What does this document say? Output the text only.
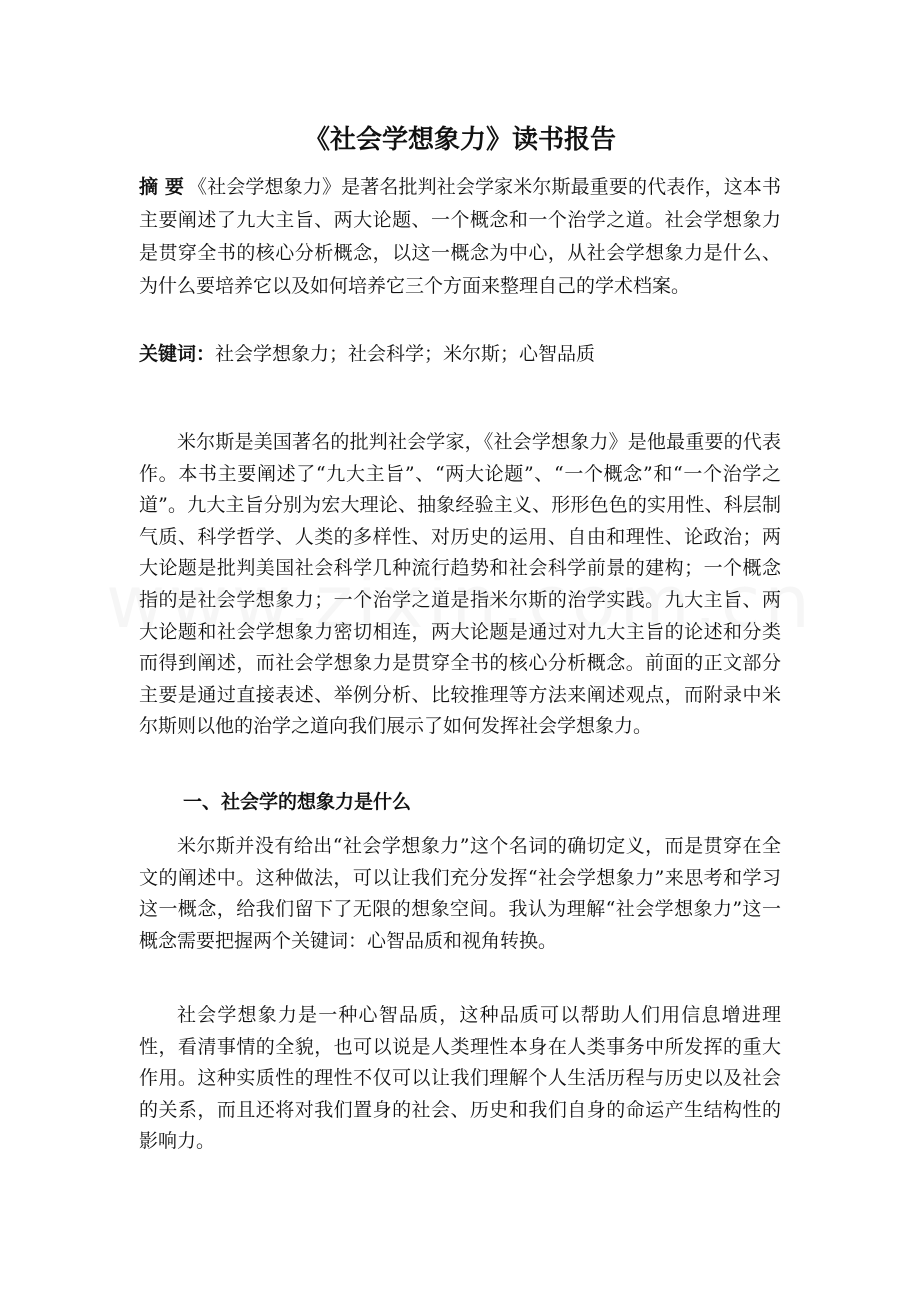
《社会学想象力》读书报告

摘 要 《社会学想象力》是著名批判社会学家米尔斯最重要的代表作，这本书主要阐述了九大主旨、两大论题、一个概念和一个治学之道。社会学想象力是贯穿全书的核心分析概念，以这一概念为中心，从社会学想象力是什么、为什么要培养它以及如何培养它三个方面来整理自己的学术档案。

关键词：社会学想象力；社会科学；米尔斯；心智品质

米尔斯是美国著名的批判社会学家，《社会学想象力》是他最重要的代表作。本书主要阐述了“九大主旨”、“两大论题”、“一个概念”和“一个治学之道”。九大主旨分别为宏大理论、抽象经验主义、形形色色的实用性、科层制气质、科学哲学、人类的多样性、对历史的运用、自由和理性、论政治；两大论题是批判美国社会科学几种流行趋势和社会科学前景的建构；一个概念指的是社会学想象力；一个治学之道是指米尔斯的治学实践。九大主旨、两大论题和社会学想象力密切相连，两大论题是通过对九大主旨的论述和分类而得到阐述，而社会学想象力是贯穿全书的核心分析概念。前面的正文部分主要是通过直接表述、举例分析、比较推理等方法来阐述观点，而附录中米尔斯则以他的治学之道向我们展示了如何发挥社会学想象力。

一、社会学的想象力是什么

米尔斯并没有给出“社会学想象力”这个名词的确切定义，而是贯穿在全文的阐述中。这种做法，可以让我们充分发挥“社会学想象力”来思考和学习这一概念，给我们留下了无限的想象空间。我认为理解“社会学想象力”这一概念需要把握两个关键词：心智品质和视角转换。

社会学想象力是一种心智品质，这种品质可以帮助人们用信息增进理性，看清事情的全貌，也可以说是人类理性本身在人类事务中所发挥的重大作用。这种实质性的理性不仅可以让我们理解个人生活历程与历史以及社会的关系，而且还将对我们置身的社会、历史和我们自身的命运产生结构性的影响力。
